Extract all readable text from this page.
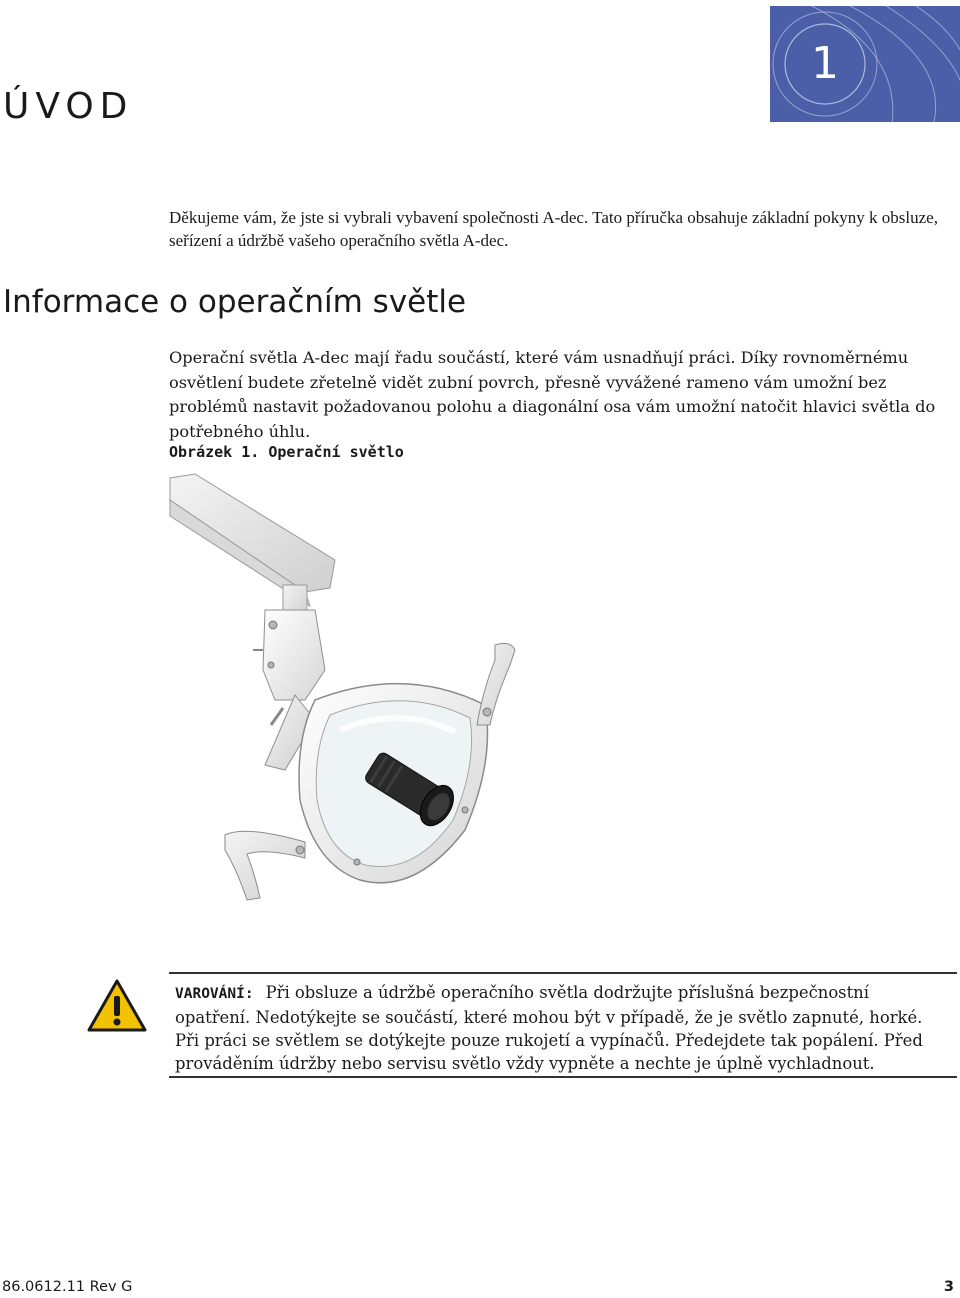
1
ÚVOD

Děkujeme vám, že jste si vybrali vybavení společnosti A-dec. Tato příručka obsahuje základní pokyny k obsluze, seřízení a údržbě vašeho operačního světla A-dec.

Informace o operačním světle

Operační světla A-dec mají řadu součástí, které vám usnadňují práci. Díky rovnoměrnému osvětlení budete zřetelně vidět zubní povrch, přesně vyvážené rameno vám umožní bez problémů nastavit požadovanou polohu a diagonální osa vám umožní natočit hlavici světla do potřebného úhlu.

Obrázek 1. Operační světlo

VAROVÁNÍ: Při obsluze a údržbě operačního světla dodržujte příslušná bezpečnostní opatření. Nedotýkejte se součástí, které mohou být v případě, že je světlo zapnuté, horké. Při práci se světlem se dotýkejte pouze rukojetí a vypínačů. Předejdete tak popálení. Před prováděním údržby nebo servisu světlo vždy vypněte a nechte je úplně vychladnout.

86.0612.11 Rev G	3
